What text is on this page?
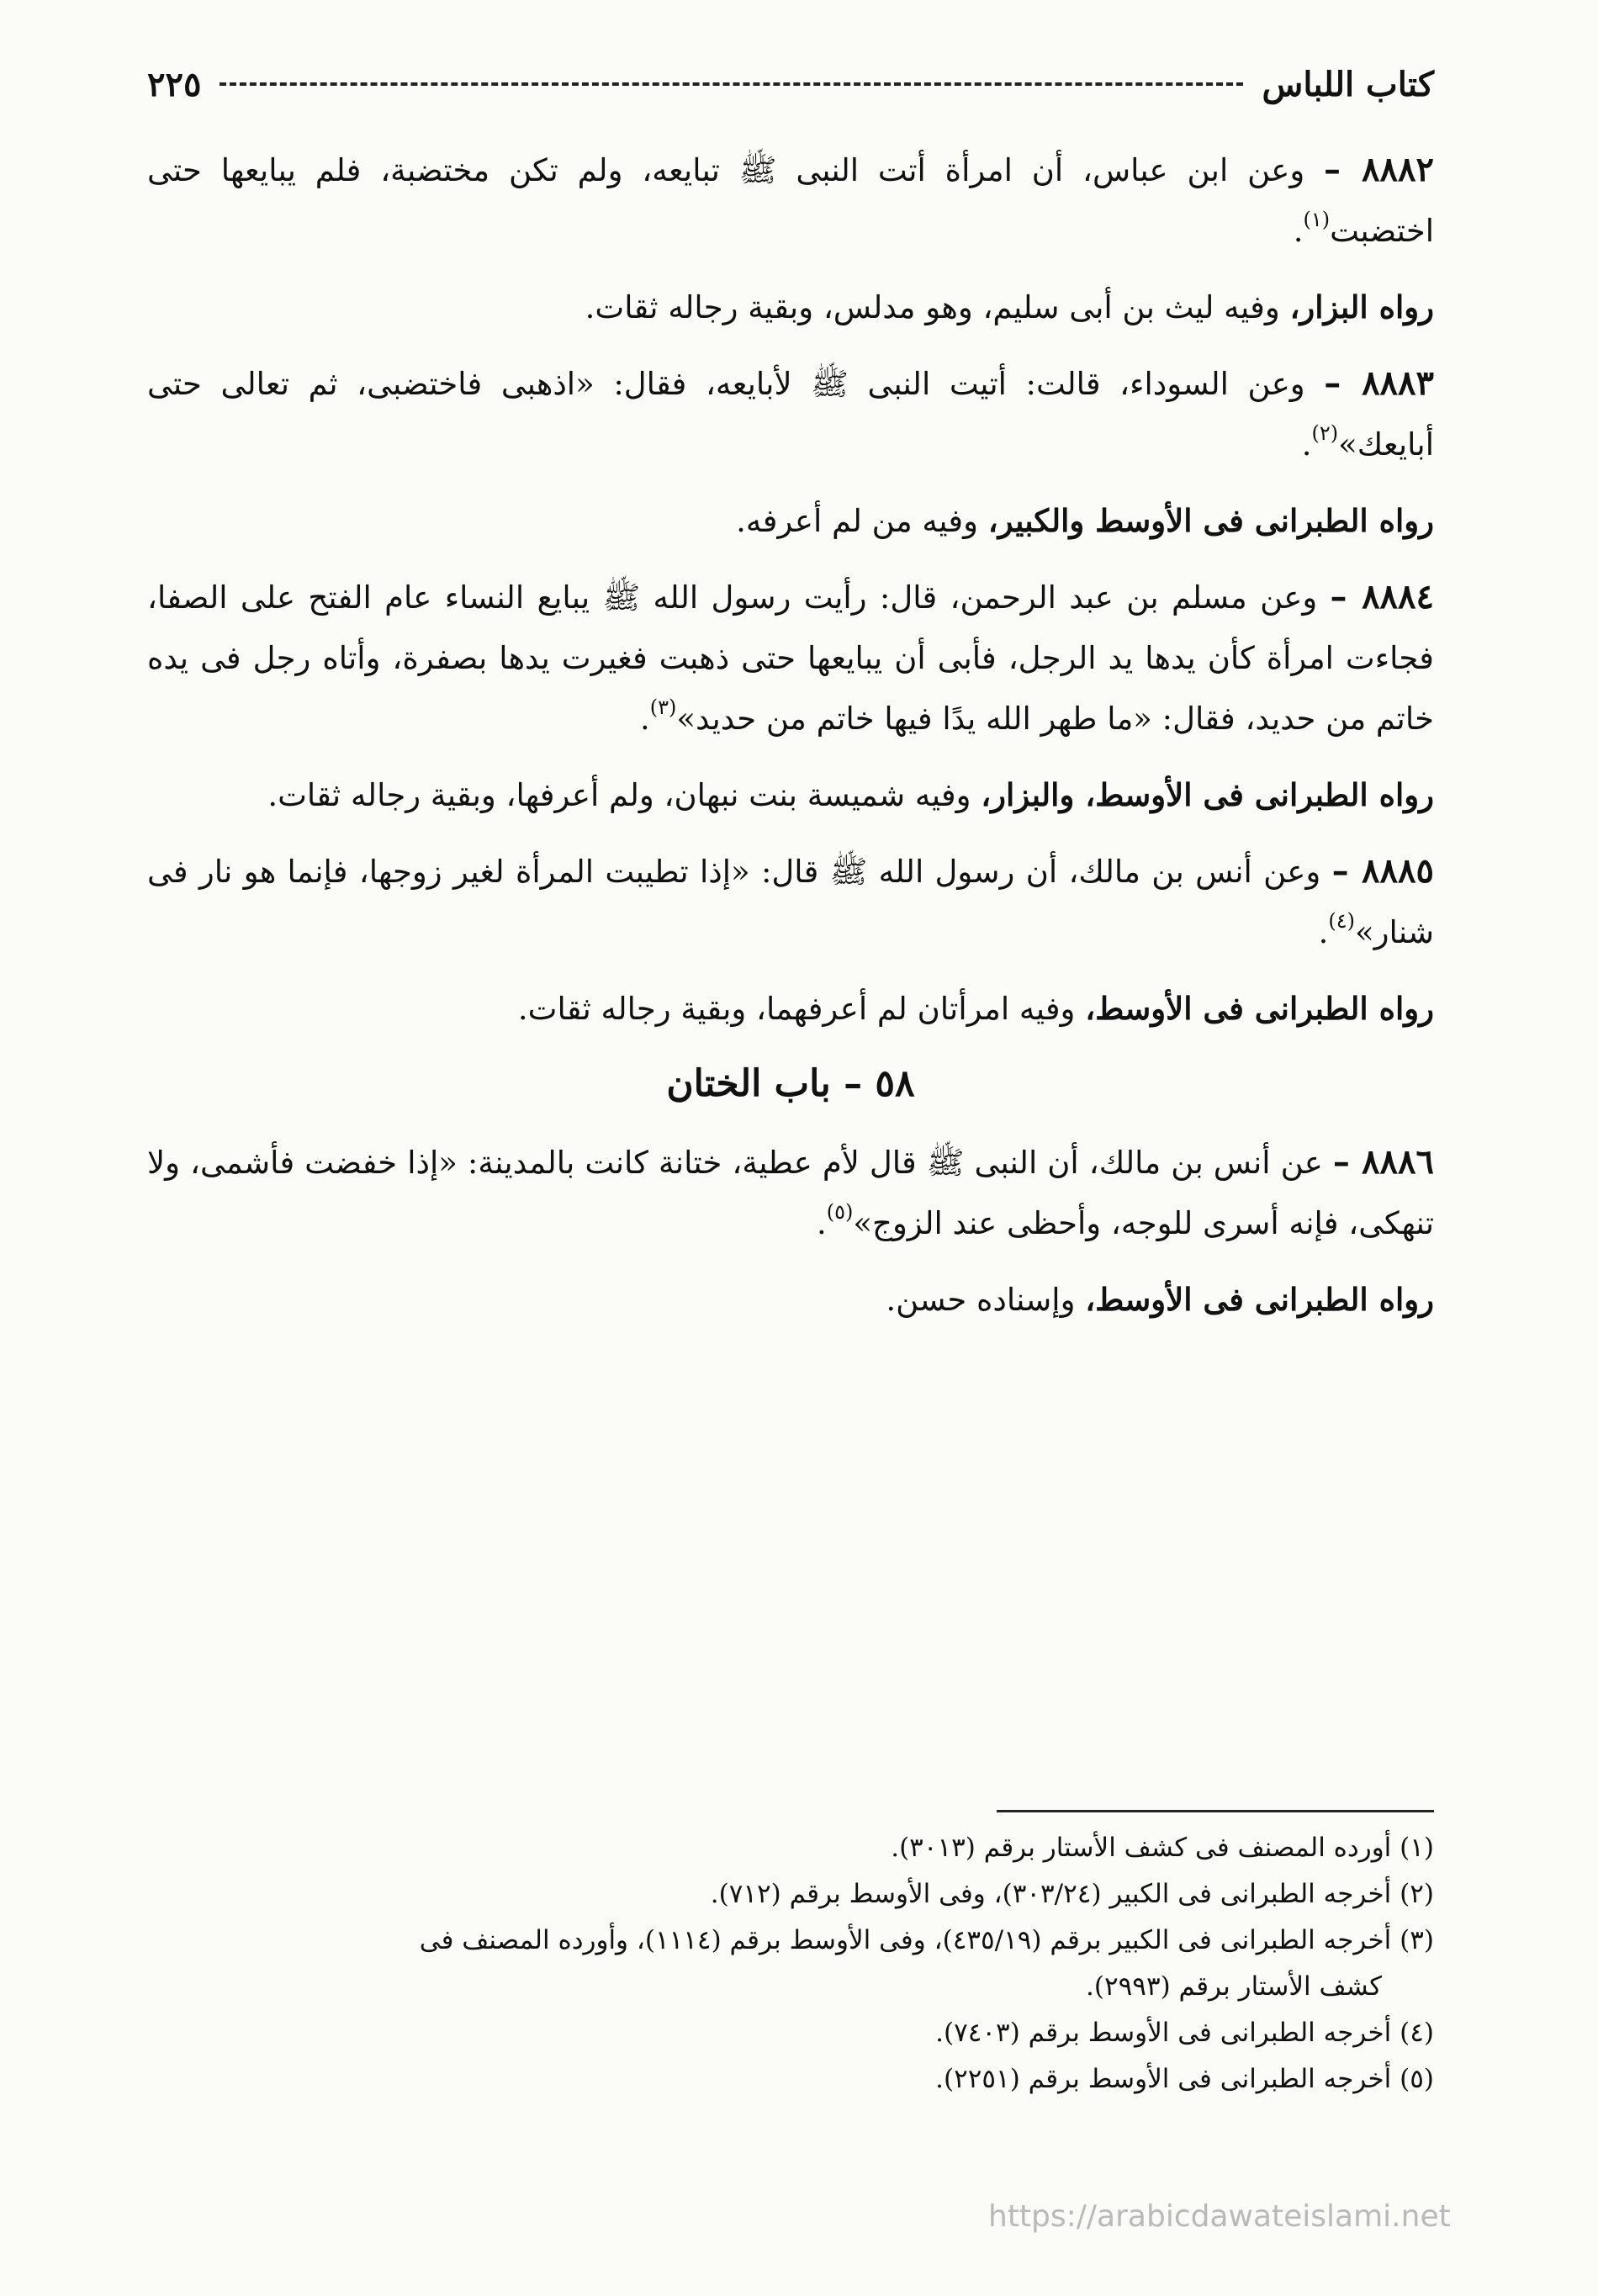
كتاب اللباس
٢٢٥

٨٨٨٢ – وعن ابن عباس، أن امرأة أتت النبى ﷺ تبايعه، ولم تكن مختضبة، فلم يبايعها حتى اختضبت$^{(١)}$.

رواه البزار، وفيه ليث بن أبى سليم، وهو مدلس، وبقية رجاله ثقات.

٨٨٨٣ – وعن السوداء، قالت: أتيت النبى ﷺ لأبايعه، فقال: «اذهبى فاختضبى، ثم تعالى حتى أبايعك»$^{(٢)}$.

رواه الطبرانى فى الأوسط والكبير، وفيه من لم أعرفه.

٨٨٨٤ – وعن مسلم بن عبد الرحمن، قال: رأيت رسول الله ﷺ يبايع النساء عام الفتح على الصفا، فجاءت امرأة كأن يدها يد الرجل، فأبى أن يبايعها حتى ذهبت فغيرت يدها بصفرة، وأتاه رجل فى يده خاتم من حديد، فقال: «ما طهر الله يدًا فيها خاتم من حديد»$^{(٣)}$.

رواه الطبرانى فى الأوسط، والبزار، وفيه شميسة بنت نبهان، ولم أعرفها، وبقية رجاله ثقات.

٨٨٨٥ – وعن أنس بن مالك، أن رسول الله ﷺ قال: «إذا تطيبت المرأة لغير زوجها، فإنما هو نار فى شنار»$^{(٤)}$.

رواه الطبرانى فى الأوسط، وفيه امرأتان لم أعرفهما، وبقية رجاله ثقات.

٥٨ – باب الختان

٨٨٨٦ – عن أنس بن مالك، أن النبى ﷺ قال لأم عطية، ختانة كانت بالمدينة: «إذا خفضت فأشمى، ولا تنهكى، فإنه أسرى للوجه، وأحظى عند الزوج»$^{(٥)}$.

رواه الطبرانى فى الأوسط، وإسناده حسن.

(١) أورده المصنف فى كشف الأستار برقم (٣٠١٣).

(٢) أخرجه الطبرانى فى الكبير (٣٠٣/٢٤)، وفى الأوسط برقم (٧١٢).

(٣) أخرجه الطبرانى فى الكبير برقم (٤٣٥/١٩)، وفى الأوسط برقم (١١١٤)، وأورده المصنف فى

كشف الأستار برقم (٢٩٩٣).

(٤) أخرجه الطبرانى فى الأوسط برقم (٧٤٠٣).

(٥) أخرجه الطبرانى فى الأوسط برقم (٢٢٥١).

https://arabicdawateislami.net
